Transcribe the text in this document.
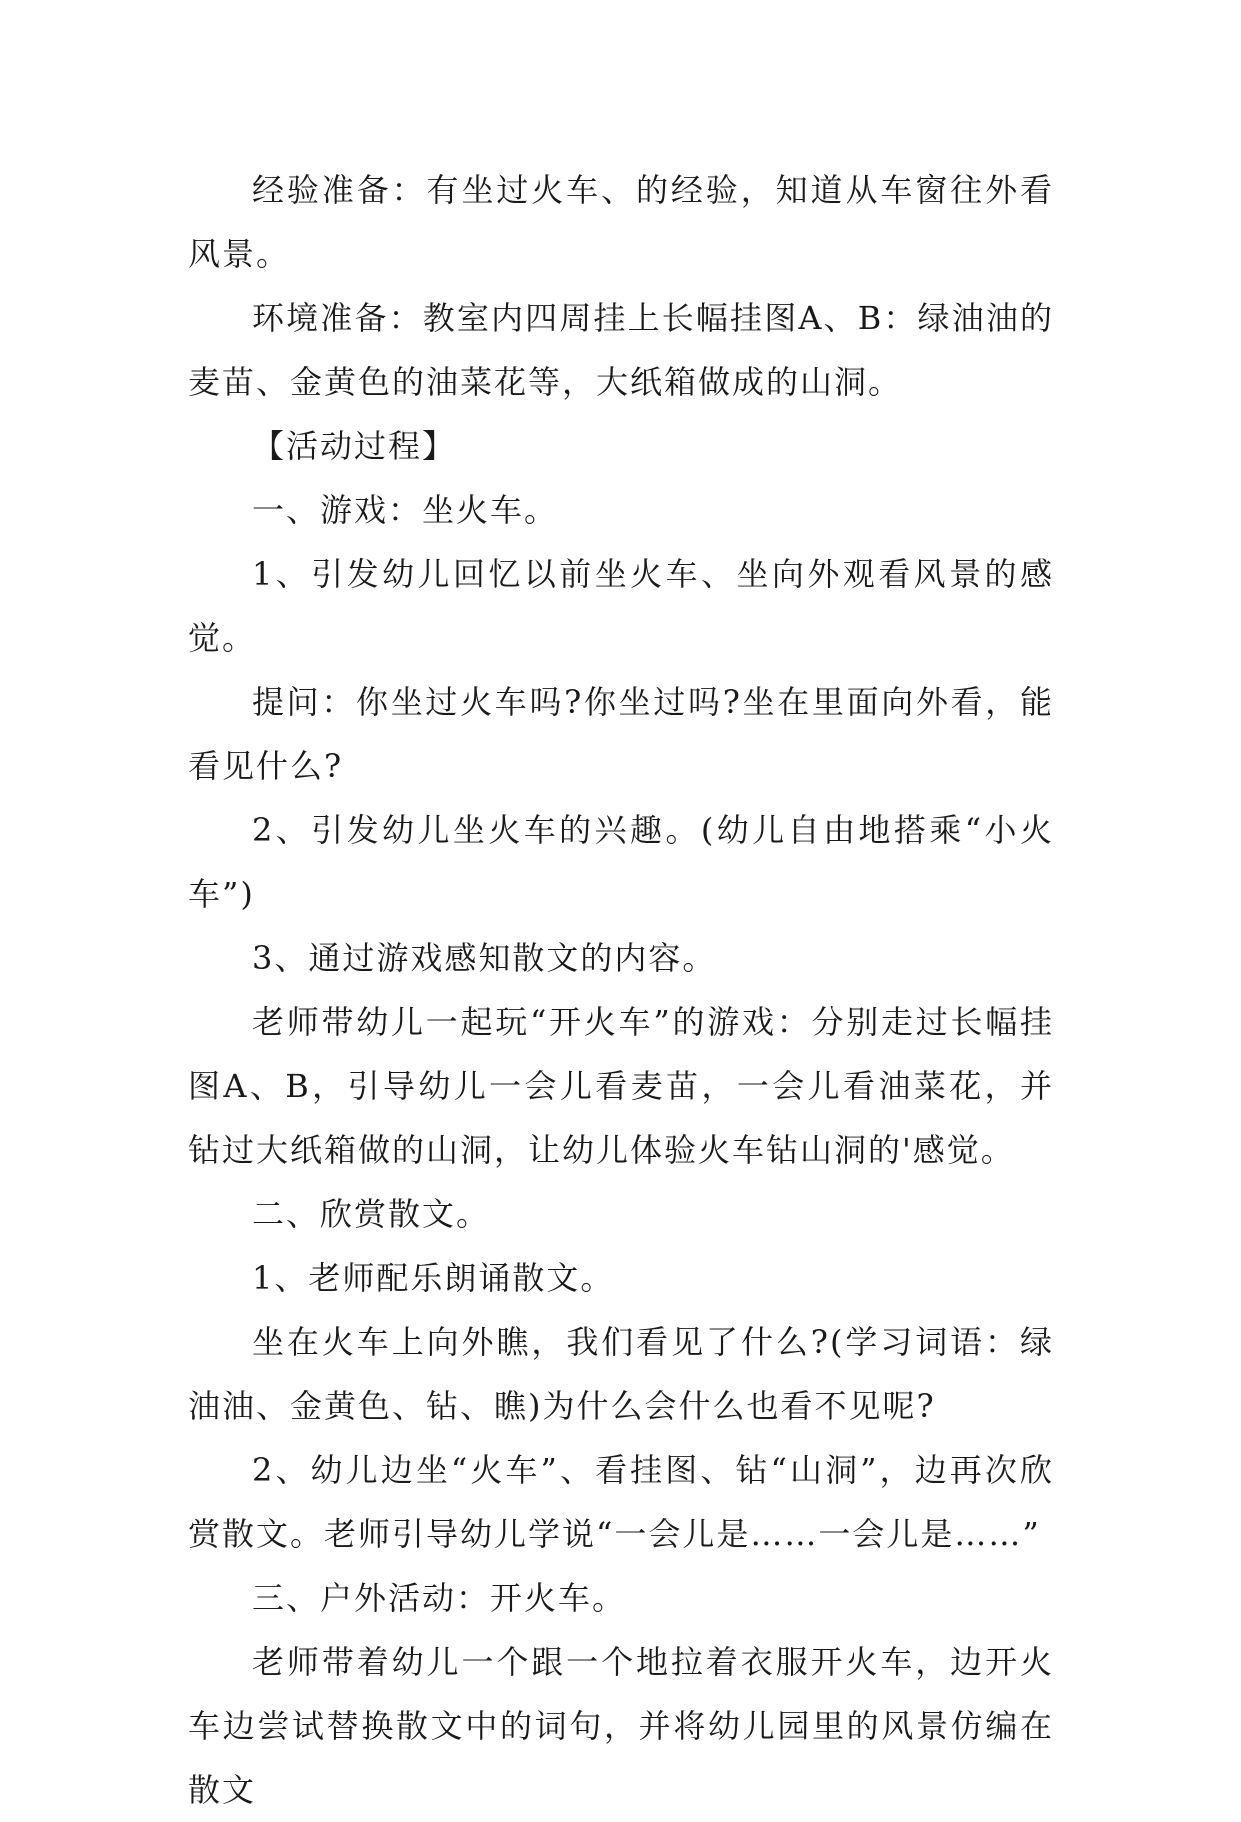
经验准备：有坐过火车、的经验，知道从车窗往外看风景。

环境准备：教室内四周挂上长幅挂图A、B：绿油油的麦苗、金黄色的油菜花等，大纸箱做成的山洞。

【活动过程】

一、游戏：坐火车。

1、引发幼儿回忆以前坐火车、坐向外观看风景的感觉。

提问：你坐过火车吗?你坐过吗?坐在里面向外看，能看见什么?

2、引发幼儿坐火车的兴趣。(幼儿自由地搭乘“小火车”)

3、通过游戏感知散文的内容。

老师带幼儿一起玩“开火车”的游戏：分别走过长幅挂图A、B，引导幼儿一会儿看麦苗，一会儿看油菜花，并钻过大纸箱做的山洞，让幼儿体验火车钻山洞的'感觉。

二、欣赏散文。

1、老师配乐朗诵散文。

坐在火车上向外瞧，我们看见了什么?(学习词语：绿油油、金黄色、钻、瞧)为什么会什么也看不见呢?

2、幼儿边坐“火车”、看挂图、钻“山洞”，边再次欣赏散文。老师引导幼儿学说“一会儿是……一会儿是……”

三、户外活动：开火车。

老师带着幼儿一个跟一个地拉着衣服开火车，边开火车边尝试替换散文中的词句，并将幼儿园里的风景仿编在散文
